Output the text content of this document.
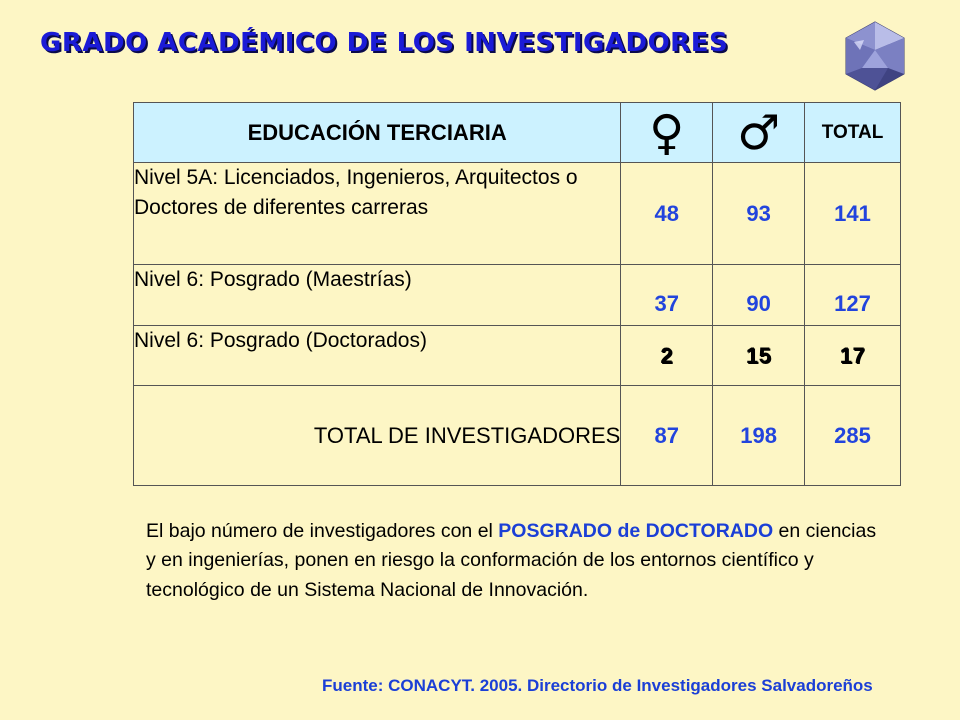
GRADO ACADÉMICO DE LOS INVESTIGADORES
EDUCACIÓN TERCIARIA	♀	♂	TOTAL
Nivel 5A: Licenciados, Ingenieros, Arquitectos o Doctores de diferentes carreras	48	93	141
Nivel 6: Posgrado (Maestrías)	37	90	127
Nivel 6: Posgrado (Doctorados)	2	15	17
TOTAL DE INVESTIGADORES	87	198	285
El bajo número de investigadores con el POSGRADO de DOCTORADO en ciencias y en ingenierías, ponen en riesgo la conformación de los entornos científico y tecnológico de un Sistema Nacional de Innovación.
Fuente: CONACYT. 2005. Directorio de Investigadores Salvadoreños
